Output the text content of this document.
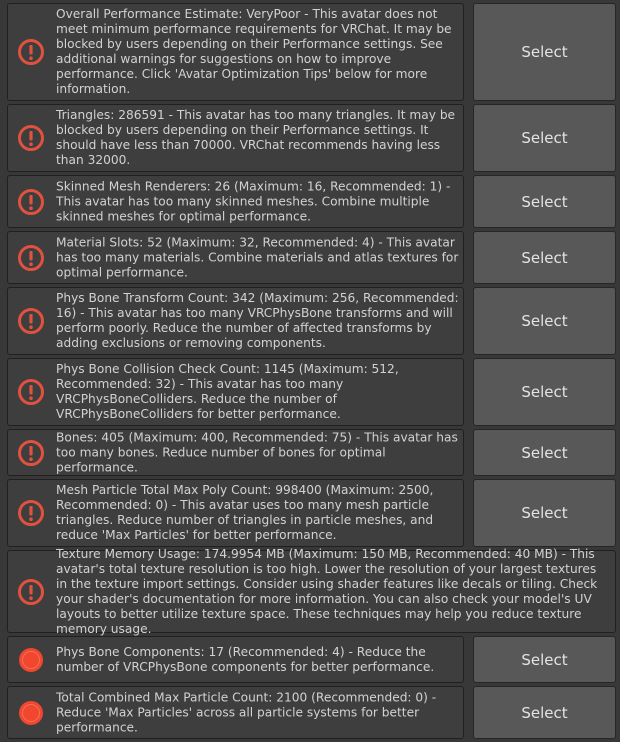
Overall Performance Estimate: VeryPoor - This avatar does not meet minimum performance requirements for VRChat. It may be blocked by users depending on their Performance settings. See additional warnings for suggestions on how to improve performance. Click 'Avatar Optimization Tips' below for more information.
Select
Triangles: 286591 - This avatar has too many triangles. It may be blocked by users depending on their Performance settings. It should have less than 70000. VRChat recommends having less than 32000.
Select
Skinned Mesh Renderers: 26 (Maximum: 16, Recommended: 1) - This avatar has too many skinned meshes. Combine multiple skinned meshes for optimal performance.
Select
Material Slots: 52 (Maximum: 32, Recommended: 4) - This avatar has too many materials. Combine materials and atlas textures for optimal performance.
Select
Phys Bone Transform Count: 342 (Maximum: 256, Recommended: 16) - This avatar has too many VRCPhysBone transforms and will perform poorly. Reduce the number of affected transforms by adding exclusions or removing components.
Select
Phys Bone Collision Check Count: 1145 (Maximum: 512, Recommended: 32) - This avatar has too many VRCPhysBoneColliders. Reduce the number of VRCPhysBoneColliders for better performance.
Select
Bones: 405 (Maximum: 400, Recommended: 75) - This avatar has too many bones. Reduce number of bones for optimal performance.
Select
Mesh Particle Total Max Poly Count: 998400 (Maximum: 2500, Recommended: 0) - This avatar uses too many mesh particle triangles. Reduce number of triangles in particle meshes, and reduce 'Max Particles' for better performance.
Select
Texture Memory Usage: 174.9954 MB (Maximum: 150 MB, Recommended: 40 MB) - This avatar's total texture resolution is too high. Lower the resolution of your largest textures in the texture import settings. Consider using shader features like decals or tiling. Check your shader's documentation for more information. You can also check your model's UV layouts to better utilize texture space. These techniques may help you reduce texture memory usage.
Phys Bone Components: 17 (Recommended: 4) - Reduce the number of VRCPhysBone components for better performance.	Select
Total Combined Max Particle Count: 2100 (Recommended: 0) - Reduce 'Max Particles' across all particle systems for better performance.
Select
